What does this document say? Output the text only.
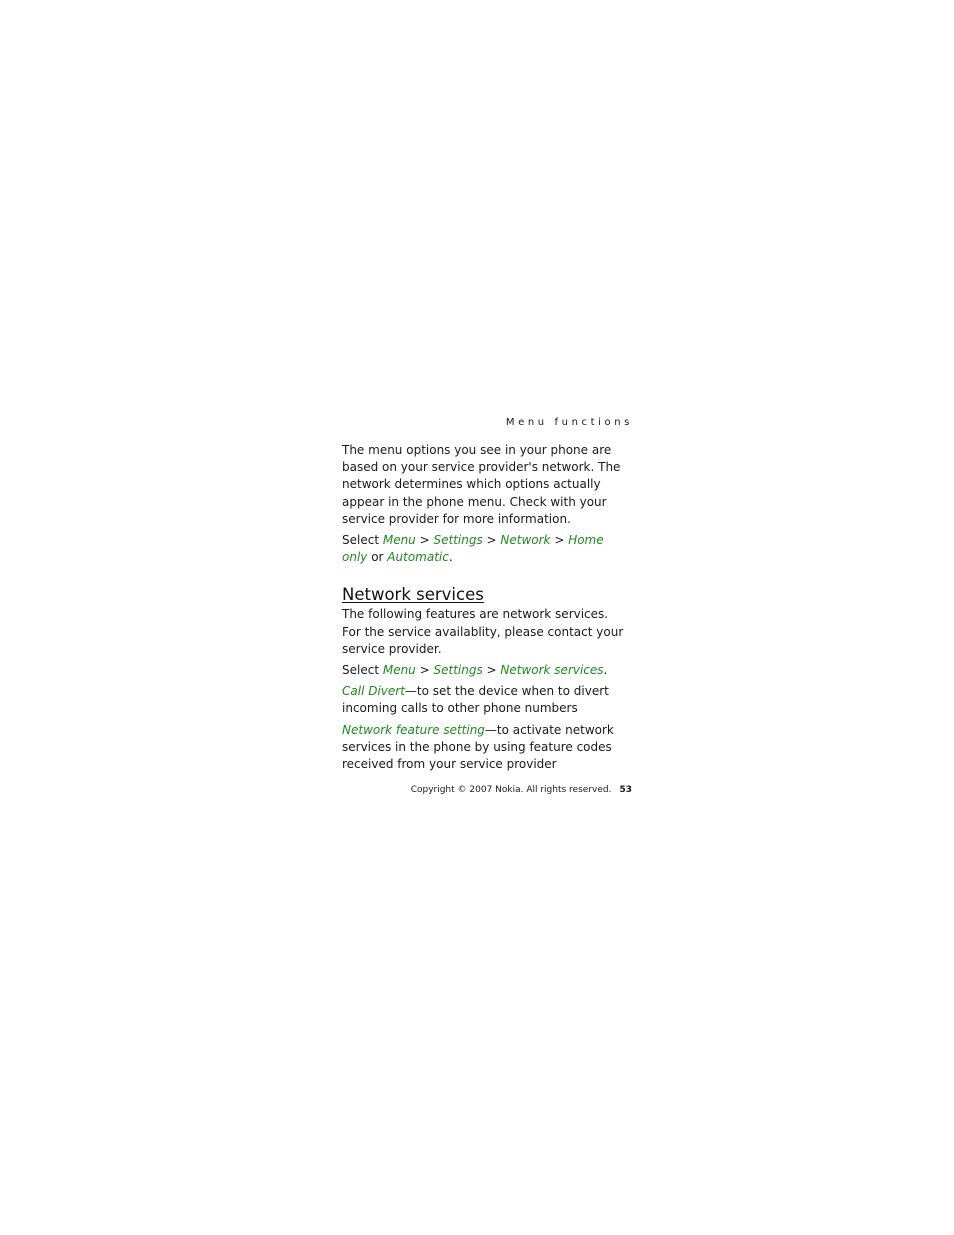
Menu functions

The menu options you see in your phone are based on your service provider's network. The network determines which options actually appear in the phone menu. Check with your service provider for more information.

Select Menu > Settings > Network > Home only or Automatic.

Network services

The following features are network services. For the service availablity, please contact your service provider.

Select Menu > Settings > Network services.

Call Divert—to set the device when to divert incoming calls to other phone numbers

Network feature setting—to activate network services in the phone by using feature codes received from your service provider

Copyright © 2007 Nokia. All rights reserved. 53
